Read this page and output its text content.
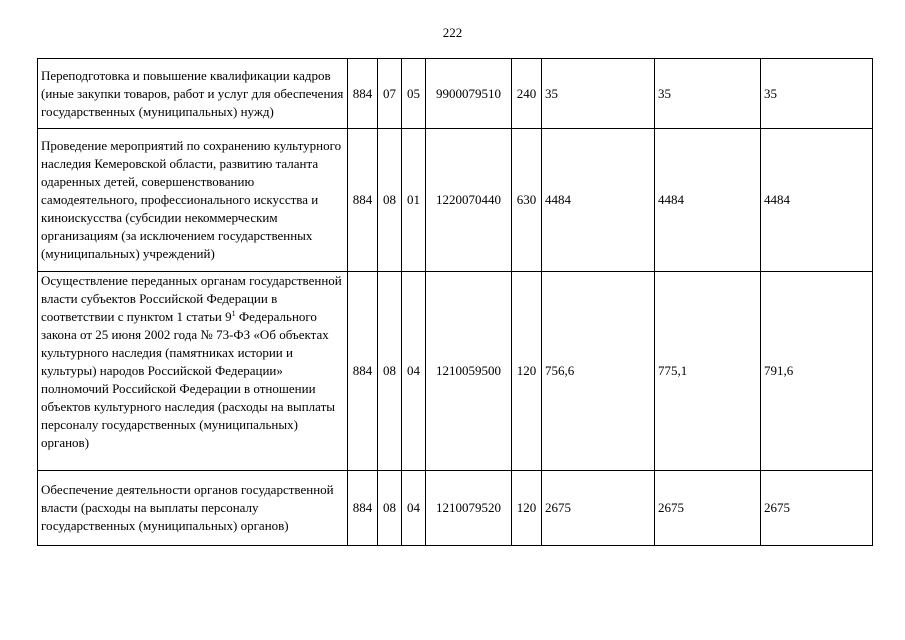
222
Переподготовка и повышение квалификации кадров (иные закупки товаров, работ и услуг для обеспечения государственных (муниципальных) нужд)	884	07	05	9900079510	240	35	35	35
Проведение мероприятий по сохранению культурного наследия Кемеровской области, развитию таланта одаренных детей, совершенствованию самодеятельного, профессионального искусства и киноискусства (субсидии некоммерческим организациям (за исключением государственных (муниципальных) учреждений)	884	08	01	1220070440	630	4484	4484	4484
Осуществление переданных органам государственной власти субъектов Российской Федерации в соответствии с пунктом 1 статьи $9^1$ Федерального закона от 25 июня 2002 года № 73-ФЗ «Об объектах культурного наследия (памятниках истории и культуры) народов Российской Федерации» полномочий Российской Федерации в отношении объектов культурного наследия (расходы на выплаты персоналу государственных (муниципальных) органов)	884	08	04	1210059500	120	756,6	775,1	791,6
Обеспечение деятельности органов государственной власти (расходы на выплаты персоналу государственных (муниципальных) органов)	884	08	04	1210079520	120	2675	2675	2675
